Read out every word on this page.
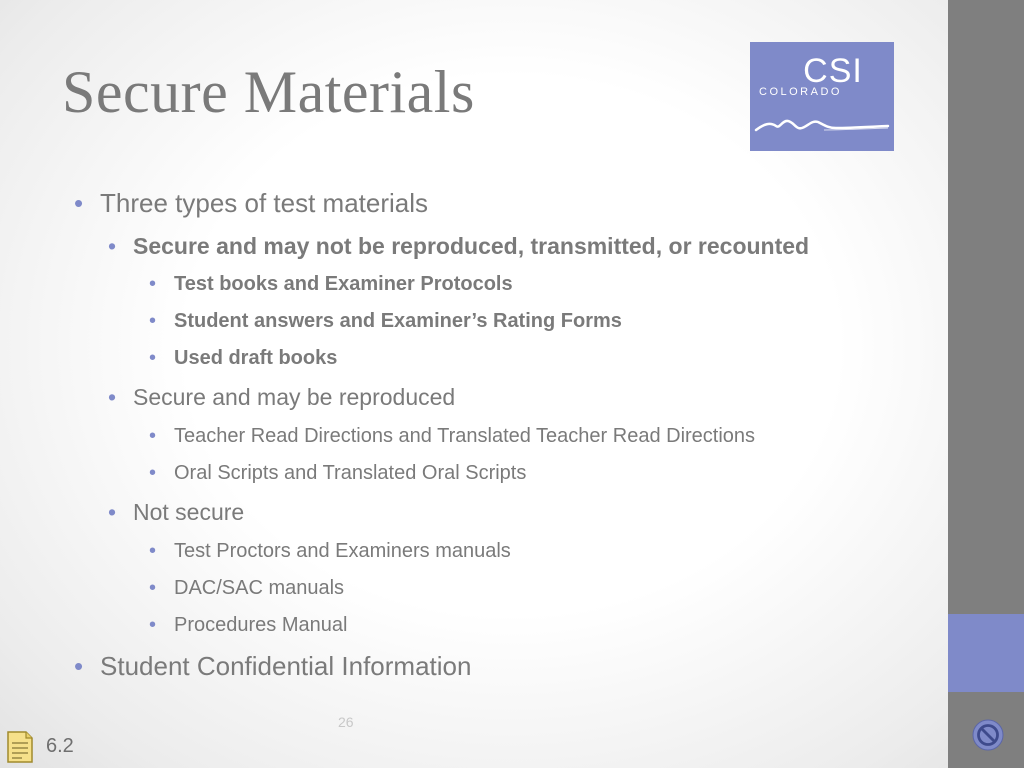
Secure Materials	CSI
COLORADO
• Three types of test materials
• Secure and may not be reproduced, transmitted, or recounted
• Test books and Examiner Protocols
• Student answers and Examiner’s Rating Forms
• Used draft books
• Secure and may be reproduced
• Teacher Read Directions and Translated Teacher Read Directions
• Oral Scripts and Translated Oral Scripts
• Not secure
• Test Proctors and Examiners manuals
• DAC/SAC manuals
• Procedures Manual
• Student Confidential Information
26
6.2
